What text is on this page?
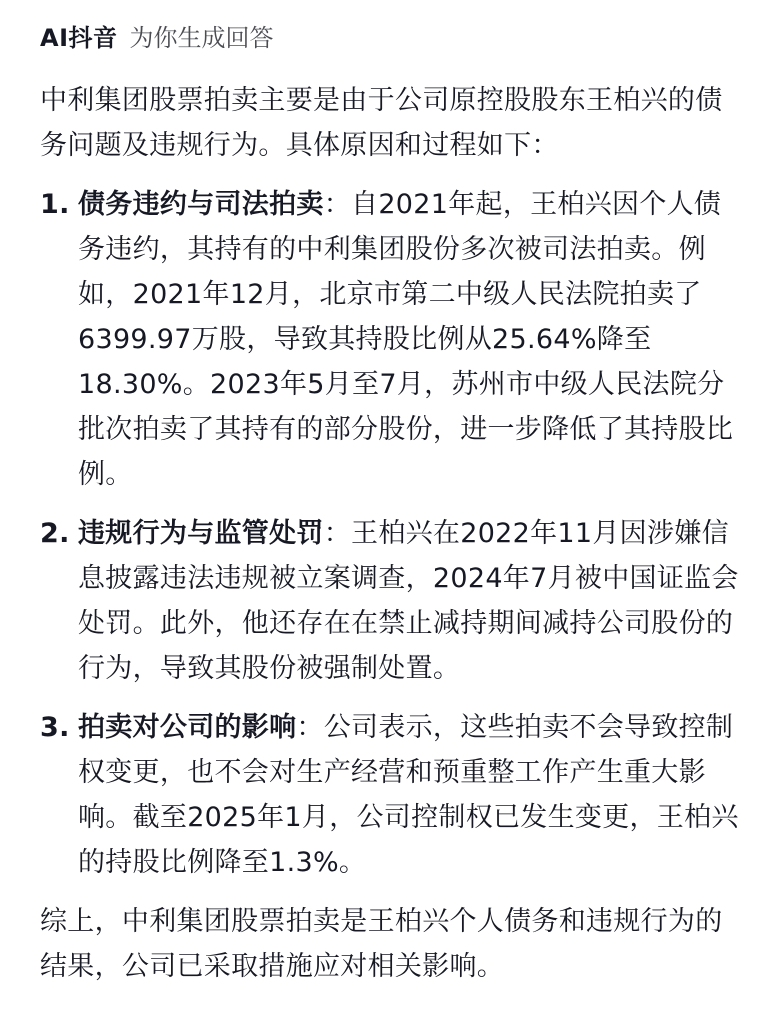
AI抖音 为你生成回答

中利集团股票拍卖主要是由于公司原控股股东王柏兴的债务问题及违规行为。具体原因和过程如下：

1. 债务违约与司法拍卖：自2021年起，王柏兴因个人债务违约，其持有的中利集团股份多次被司法拍卖。例如，2021年12月，北京市第二中级人民法院拍卖了6399.97万股，导致其持股比例从25.64%降至18.30%。2023年5月至7月，苏州市中级人民法院分批次拍卖了其持有的部分股份，进一步降低了其持股比例。
2. 违规行为与监管处罚：王柏兴在2022年11月因涉嫌信息披露违法违规被立案调查，2024年7月被中国证监会处罚。此外，他还存在在禁止减持期间减持公司股份的行为，导致其股份被强制处置。
3. 拍卖对公司的影响：公司表示，这些拍卖不会导致控制权变更，也不会对生产经营和预重整工作产生重大影响。截至2025年1月，公司控制权已发生变更，王柏兴的持股比例降至1.3%。

综上，中利集团股票拍卖是王柏兴个人债务和违规行为的结果，公司已采取措施应对相关影响。
